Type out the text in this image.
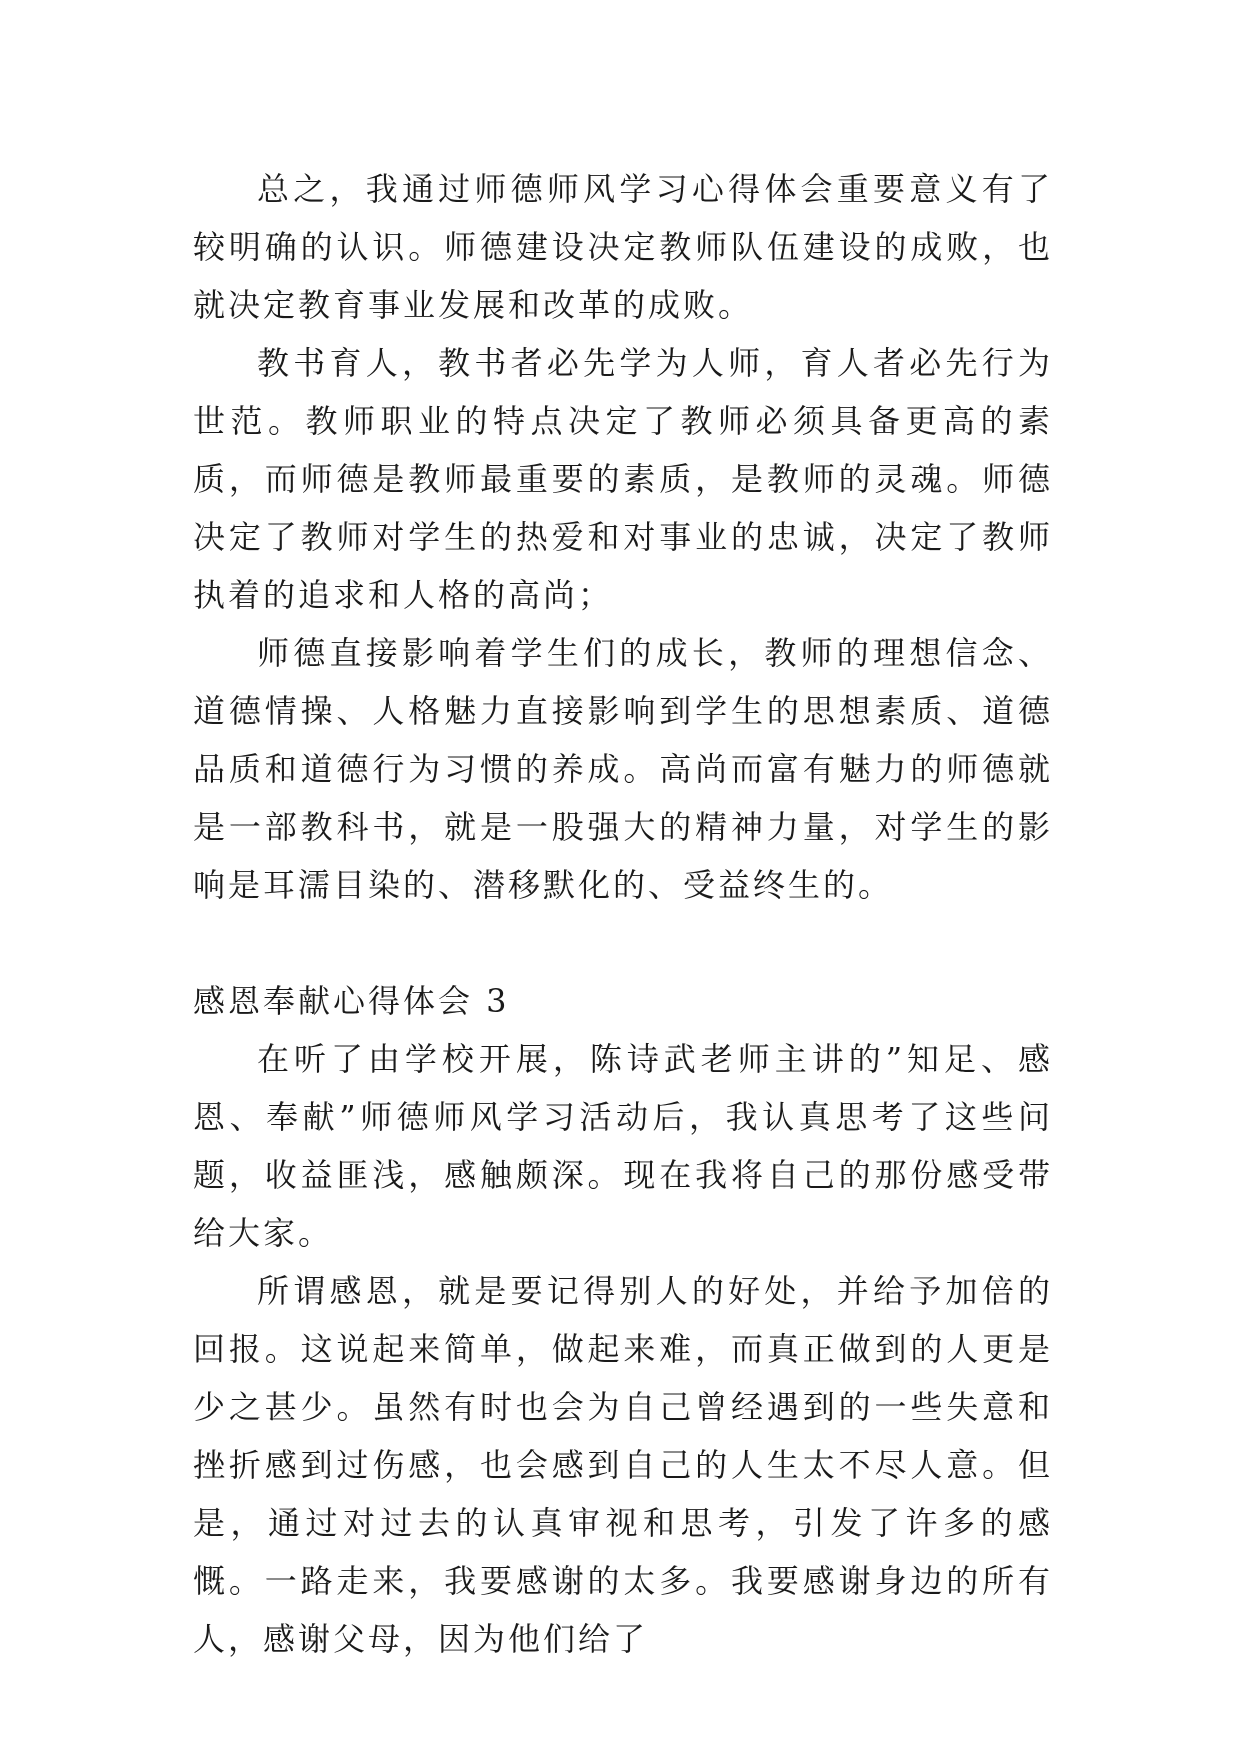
总之，我通过师德师风学习心得体会重要意义有了较明确的认识。师德建设决定教师队伍建设的成败，也就决定教育事业发展和改革的成败。

教书育人，教书者必先学为人师，育人者必先行为世范。教师职业的特点决定了教师必须具备更高的素质，而师德是教师最重要的素质，是教师的灵魂。师德决定了教师对学生的热爱和对事业的忠诚，决定了教师执着的追求和人格的高尚；

师德直接影响着学生们的成长，教师的理想信念、道德情操、人格魅力直接影响到学生的思想素质、道德品质和道德行为习惯的养成。高尚而富有魅力的师德就是一部教科书，就是一股强大的精神力量，对学生的影响是耳濡目染的、潜移默化的、受益终生的。

感恩奉献心得体会 3

在听了由学校开展，陈诗武老师主讲的”知足、感恩、奉献”师德师风学习活动后，我认真思考了这些问题，收益匪浅，感触颇深。现在我将自己的那份感受带给大家。

所谓感恩，就是要记得别人的好处，并给予加倍的回报。这说起来简单，做起来难，而真正做到的人更是少之甚少。虽然有时也会为自己曾经遇到的一些失意和挫折感到过伤感，也会感到自己的人生太不尽人意。但是，通过对过去的认真审视和思考，引发了许多的感慨。一路走来，我要感谢的太多。我要感谢身边的所有人，感谢父母，因为他们给了
